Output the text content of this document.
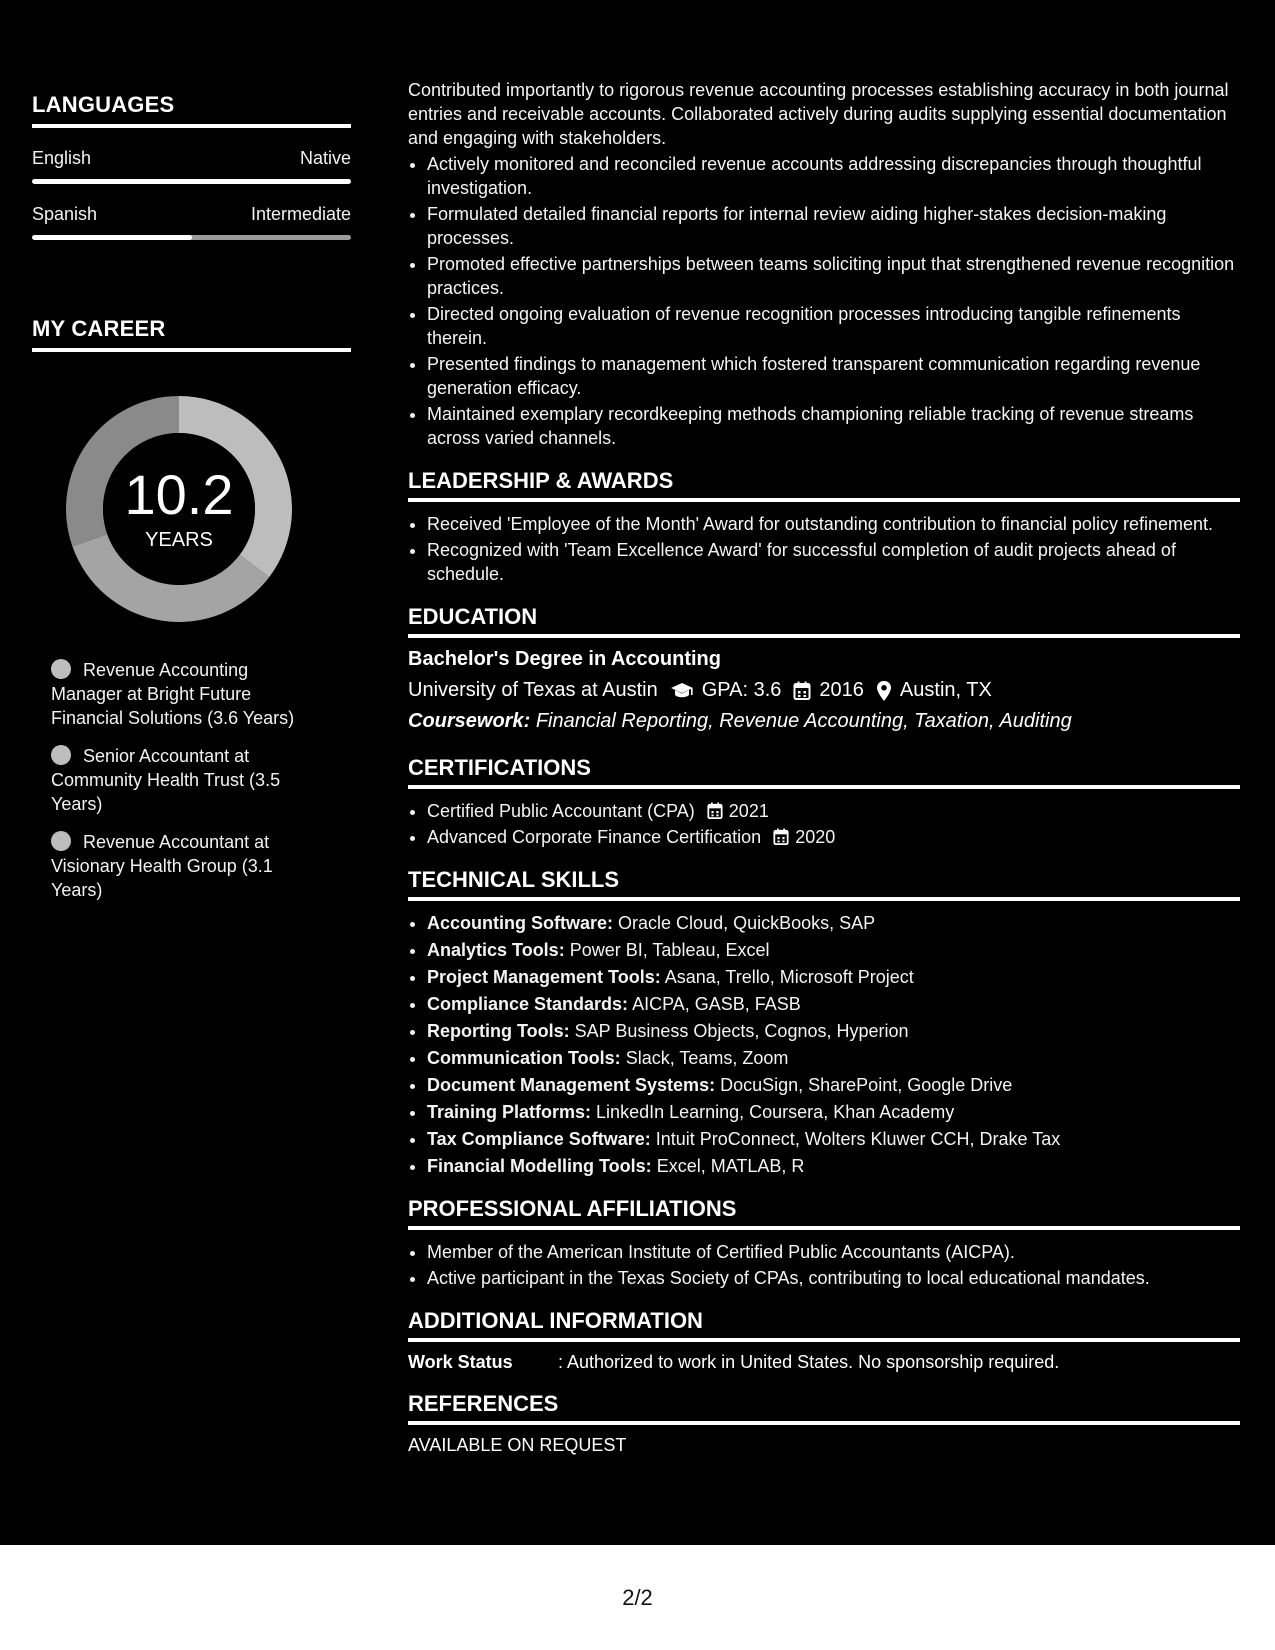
LANGUAGES
English	Native
Spanish	Intermediate
MY CAREER
10.2
YEARS
Revenue Accounting Manager at Bright Future Financial Solutions (3.6 Years)
Senior Accountant at Community Health Trust (3.5 Years)
Revenue Accountant at Visionary Health Group (3.1 Years)

Contributed importantly to rigorous revenue accounting processes establishing accuracy in both journal entries and receivable accounts. Collaborated actively during audits supplying essential documentation and engaging with stakeholders.

• Actively monitored and reconciled revenue accounts addressing discrepancies through thoughtful investigation.
• Formulated detailed financial reports for internal review aiding higher-stakes decision-making processes.
• Promoted effective partnerships between teams soliciting input that strengthened revenue recognition practices.
• Directed ongoing evaluation of revenue recognition processes introducing tangible refinements therein.
• Presented findings to management which fostered transparent communication regarding revenue generation efficacy.
• Maintained exemplary recordkeeping methods championing reliable tracking of revenue streams across varied channels.
LEADERSHIP & AWARDS
• Received 'Employee of the Month' Award for outstanding contribution to financial policy refinement.
• Recognized with 'Team Excellence Award' for successful completion of audit projects ahead of schedule.
EDUCATION
Bachelor's Degree in Accounting
University of Texas at Austin GPA: 3.6 2016 Austin, TX
Coursework: Financial Reporting, Revenue Accounting, Taxation, Auditing
CERTIFICATIONS
• Certified Public Accountant (CPA) 2021
• Advanced Corporate Finance Certification 2020
TECHNICAL SKILLS
• Accounting Software: Oracle Cloud, QuickBooks, SAP
• Analytics Tools: Power BI, Tableau, Excel
• Project Management Tools: Asana, Trello, Microsoft Project
• Compliance Standards: AICPA, GASB, FASB
• Reporting Tools: SAP Business Objects, Cognos, Hyperion
• Communication Tools: Slack, Teams, Zoom
• Document Management Systems: DocuSign, SharePoint, Google Drive
• Training Platforms: LinkedIn Learning, Coursera, Khan Academy
• Tax Compliance Software: Intuit ProConnect, Wolters Kluwer CCH, Drake Tax
• Financial Modelling Tools: Excel, MATLAB, R
PROFESSIONAL AFFILIATIONS
• Member of the American Institute of Certified Public Accountants (AICPA).
• Active participant in the Texas Society of CPAs, contributing to local educational mandates.
ADDITIONAL INFORMATION
Work Status	: Authorized to work in United States. No sponsorship required.
REFERENCES
AVAILABLE ON REQUEST
2/2
